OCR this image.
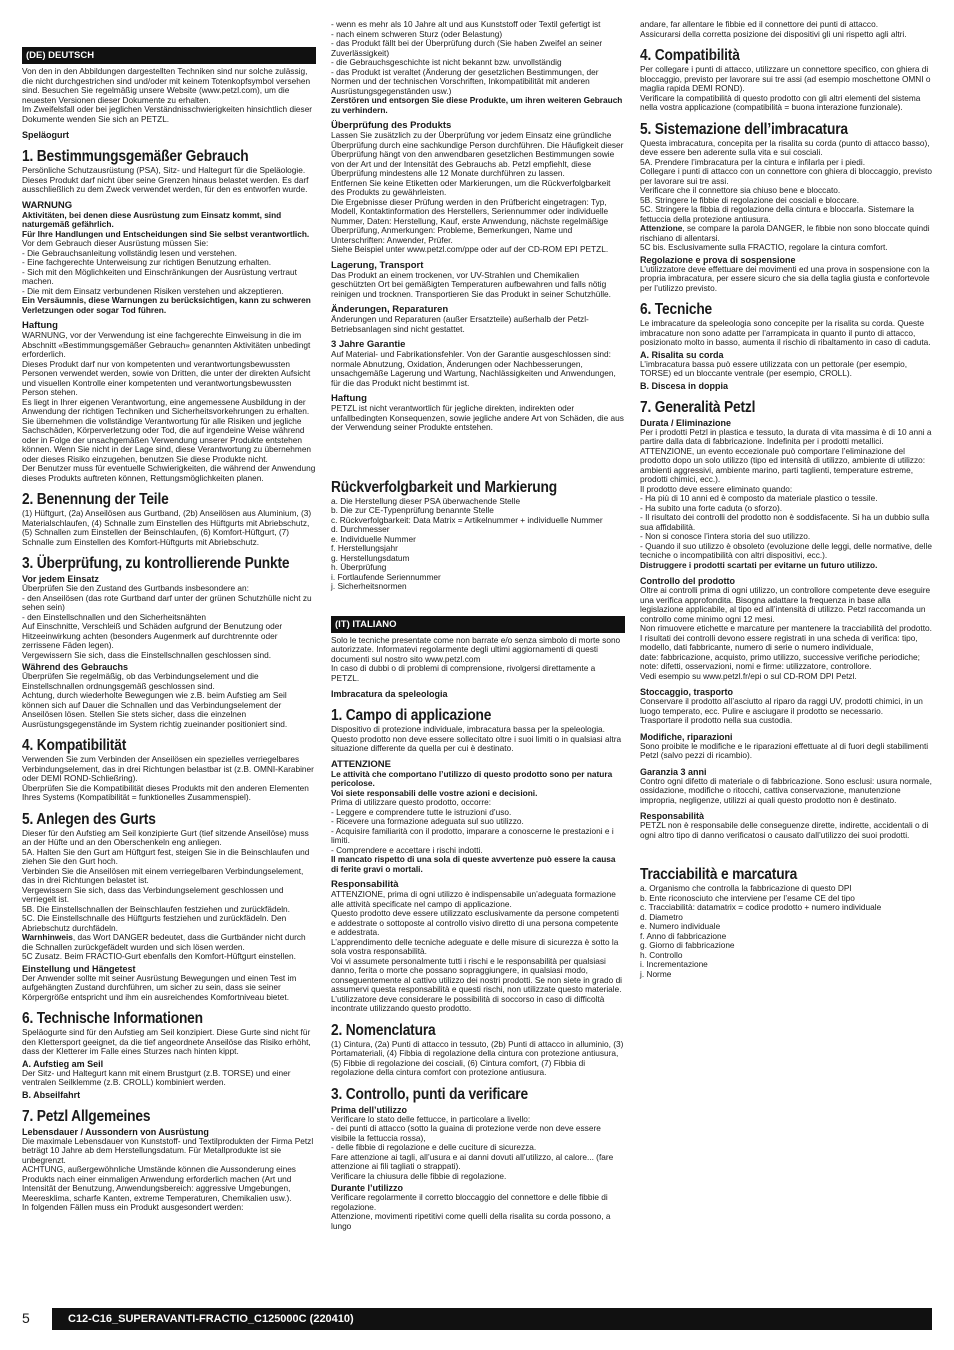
(DE) DEUTSCH

Von den in den Abbildungen dargestellten Techniken sind nur solche zulässig, die nicht durchgestrichen sind und/oder mit keinem Totenkopfsymbol versehen sind. Besuchen Sie regelmäßig unsere Website (www.petzl.com), um die neuesten Versionen dieser Dokumente zu erhalten.

Im Zweifelsfall oder bei jeglichen Verständnisschwierigkeiten hinsichtlich dieser Dokumente wenden Sie sich an PETZL.

Speläogurt
1. Bestimmungsgemäßer Gebrauch

Persönliche Schutzausrüstung (PSA), Sitz- und Haltegurt für die Speläologie. Dieses Produkt darf nicht über seine Grenzen hinaus belastet werden. Es darf ausschließlich zu dem Zweck verwendet werden, für den es entworfen wurde.

WARNUNG

Aktivitäten, bei denen diese Ausrüstung zum Einsatz kommt, sind naturgemäß gefährlich.

Für Ihre Handlungen und Entscheidungen sind Sie selbst verantwortlich.

Vor dem Gebrauch dieser Ausrüstung müssen Sie:
- Die Gebrauchsanleitung vollständig lesen und verstehen.
- Eine fachgerechte Unterweisung zur richtigen Benutzung erhalten.
- Sich mit den Möglichkeiten und Einschränkungen der Ausrüstung vertraut machen.
- Die mit dem Einsatz verbundenen Risiken verstehen und akzeptieren.

Ein Versäumnis, diese Warnungen zu berücksichtigen, kann zu schweren Verletzungen oder sogar Tod führen.

Haftung

WARNUNG, vor der Verwendung ist eine fachgerechte Einweisung in die im Abschnitt «Bestimmungsgemäßer Gebrauch» genannten Aktivitäten unbedingt erforderlich.
Dieses Produkt darf nur von kompetenten und verantwortungsbewussten Personen verwendet werden, sowie von Dritten, die unter der direkten Aufsicht und visuellen Kontrolle einer kompetenten und verantwortungsbewussten Person stehen.
Es liegt in Ihrer eigenen Verantwortung, eine angemessene Ausbildung in der Anwendung der richtigen Techniken und Sicherheitsvorkehrungen zu erhalten.
Sie übernehmen die vollständige Verantwortung für alle Risiken und jegliche Sachschäden, Körperverletzung oder Tod, die auf irgendeine Weise während oder in Folge der unsachgemäßen Verwendung unserer Produkte entstehen können. Wenn Sie nicht in der Lage sind, diese Verantwortung zu übernehmen oder dieses Risiko einzugehen, benutzen Sie diese Produkte nicht.
Der Benutzer muss für eventuelle Schwierigkeiten, die während der Anwendung dieses Produkts auftreten können, Rettungsmöglichkeiten planen.

2. Benennung der Teile

(1) Hüftgurt, (2a) Anseilösen aus Gurtband, (2b) Anseilösen aus Aluminium, (3) Materialschlaufen, (4) Schnalle zum Einstellen des Hüftgurts mit Abriebschutz, (5) Schnallen zum Einstellen der Beinschlaufen, (6) Komfort-Hüftgurt, (7) Schnalle zum Einstellen des Komfort-Hüftgurts mit Abriebschutz.

3. Überprüfung, zu kontrollierende Punkte
Vor jedem Einsatz

Überprüfen Sie den Zustand des Gurtbands insbesondere an:
- den Anseilösen (das rote Gurtband darf unter der grünen Schutzhülle nicht zu sehen sein)
- den Einstellschnallen und den Sicherheitsnähten
Auf Einschnitte, Verschleiß und Schäden aufgrund der Benutzung oder Hitzeeinwirkung achten (besonders Augenmerk auf durchtrennte oder zerrissene Fäden legen).
Vergewissern Sie sich, dass die Einstellschnallen geschlossen sind.

Während des Gebrauchs

Überprüfen Sie regelmäßig, ob das Verbindungselement und die Einstellschnallen ordnungsgemäß geschlossen sind.
Achtung, durch wiederholte Bewegungen wie z.B. beim Aufstieg am Seil können sich auf Dauer die Schnallen und das Verbindungselement der Anseilösen lösen. Stellen Sie stets sicher, dass die einzelnen Ausrüstungsgegenstände im System richtig zueinander positioniert sind.

4. Kompatibilität

Verwenden Sie zum Verbinden der Anseilösen ein spezielles verriegelbares Verbindungselement, das in drei Richtungen belastbar ist (z.B. OMNI-Karabiner oder DEMI ROND-Schließring).
Überprüfen Sie die Kompatibilität dieses Produkts mit den anderen Elementen Ihres Systems (Kompatibilität = funktionelles Zusammenspiel).

5. Anlegen des Gurts

Dieser für den Aufstieg am Seil konzipierte Gurt (tief sitzende Anseilöse) muss an der Hüfte und an den Oberschenkeln eng anliegen.
5A. Halten Sie den Gurt am Hüftgurt fest, steigen Sie in die Beinschlaufen und ziehen Sie den Gurt hoch.
Verbinden Sie die Anseilösen mit einem verriegelbaren Verbindungselement, das in drei Richtungen belastet ist.
Vergewissern Sie sich, dass das Verbindungselement geschlossen und verriegelt ist.
5B. Die Einstellschnallen der Beinschlaufen festziehen und zurückfädeln.
5C. Die Einstellschnalle des Hüftgurts festziehen und zurückfädeln. Den Abriebschutz durchfädeln.

Warnhinweis, das Wort DANGER bedeutet, dass die Gurtbänder nicht durch die Schnallen zurückgefädelt wurden und sich lösen werden.
5C Zusatz. Beim FRACTIO-Gurt ebenfalls den Komfort-Hüftgurt einstellen.

Einstellung und Hängetest

Der Anwender sollte mit seiner Ausrüstung Bewegungen und einen Test im aufgehängten Zustand durchführen, um sicher zu sein, dass sie seiner Körpergröße entspricht und ihm ein ausreichendes Komfortniveau bietet.

6. Technische Informationen

Speläogurte sind für den Aufstieg am Seil konzipiert. Diese Gurte sind nicht für den Klettersport geeignet, da die tief angeordnete Anseilöse das Risiko erhöht, dass der Kletterer im Falle eines Sturzes nach hinten kippt.

A. Aufstieg am Seil

Der Sitz- und Haltegurt kann mit einem Brustgurt (z.B. TORSE) und einer ventralen Seilklemme (z.B. CROLL) kombiniert werden.

B. Abseilfahrt
7. Petzl Allgemeines
Lebensdauer / Aussondern von Ausrüstung

Die maximale Lebensdauer von Kunststoff- und Textilprodukten der Firma Petzl beträgt 10 Jahre ab dem Herstellungsdatum. Für Metallprodukte ist sie unbegrenzt.
ACHTUNG, außergewöhnliche Umstände können die Aussonderung eines Produkts nach einer einmaligen Anwendung erforderlich machen (Art und Intensität der Benutzung, Anwendungsbereich: aggressive Umgebungen, Meeresklima, scharfe Kanten, extreme Temperaturen, Chemikalien usw.).
In folgenden Fällen muss ein Produkt ausgesondert werden:

- wenn es mehr als 10 Jahre alt und aus Kunststoff oder Textil gefertigt ist
- nach einem schweren Sturz (oder Belastung)
- das Produkt fällt bei der Überprüfung durch (Sie haben Zweifel an seiner Zuverlässigkeit)
- die Gebrauchsgeschichte ist nicht bekannt bzw. unvollständig
- das Produkt ist veraltet (Änderung der gesetzlichen Bestimmungen, der Normen und der technischen Vorschriften, Inkompatibilität mit anderen Ausrüstungsgegenständen usw.)

Zerstören und entsorgen Sie diese Produkte, um ihren weiteren Gebrauch zu verhindern.

Überprüfung des Produkts

Lassen Sie zusätzlich zu der Überprüfung vor jedem Einsatz eine gründliche Überprüfung durch eine sachkundige Person durchführen. Die Häufigkeit dieser Überprüfung hängt von den anwendbaren gesetzlichen Bestimmungen sowie von der Art und der Intensität des Gebrauchs ab. Petzl empfiehlt, diese Überprüfung mindestens alle 12 Monate durchführen zu lassen.
Entfernen Sie keine Etiketten oder Markierungen, um die Rückverfolgbarkeit des Produkts zu gewährleisten.
Die Ergebnisse dieser Prüfung werden in den Prüfbericht eingetragen: Typ, Modell, Kontaktinformation des Herstellers, Seriennummer oder individuelle Nummer, Daten: Herstellung, Kauf, erste Anwendung, nächste regelmäßige Überprüfung, Anmerkungen: Probleme, Bemerkungen, Name und Unterschriften: Anwender, Prüfer.
Siehe Beispiel unter www.petzl.com/ppe oder auf der CD-ROM EPI PETZL.

Lagerung, Transport

Das Produkt an einem trockenen, vor UV-Strahlen und Chemikalien geschützten Ort bei gemäßigten Temperaturen aufbewahren und falls nötig reinigen und trocknen. Transportieren Sie das Produkt in seiner Schutzhülle.

Änderungen, Reparaturen

Änderungen und Reparaturen (außer Ersatzteile) außerhalb der Petzl-Betriebsanlagen sind nicht gestattet.

3 Jahre Garantie

Auf Material- und Fabrikationsfehler. Von der Garantie ausgeschlossen sind: normale Abnutzung, Oxidation, Änderungen oder Nachbesserungen, unsachgemäße Lagerung und Wartung, Nachlässigkeiten und Anwendungen, für die das Produkt nicht bestimmt ist.

Haftung

PETZL ist nicht verantwortlich für jegliche direkten, indirekten oder unfallbedingten Konsequenzen, sowie jegliche andere Art von Schäden, die aus der Verwendung seiner Produkte entstehen.

Rückverfolgbarkeit und Markierung

a. Die Herstellung dieser PSA überwachende Stelle
b. Die zur CE-Typenprüfung benannte Stelle
c. Rückverfolgbarkeit: Data Matrix = Artikelnummer + individuelle Nummer
d. Durchmesser
e. Individuelle Nummer
f. Herstellungsjahr
g. Herstellungsdatum
h. Überprüfung
i. Fortlaufende Seriennummer
j. Sicherheitsnormen

(IT) ITALIANO

Solo le tecniche presentate come non barrate e/o senza simbolo di morte sono autorizzate. Informatevi regolarmente degli ultimi aggiornamenti di questi documenti sul nostro sito www.petzl.com
In caso di dubbi o di problemi di comprensione, rivolgersi direttamente a PETZL.

Imbracatura da speleologia
1. Campo di applicazione

Dispositivo di protezione individuale, imbracatura bassa per la speleologia. Questo prodotto non deve essere sollecitato oltre i suoi limiti o in qualsiasi altra situazione differente da quella per cui è destinato.

ATTENZIONE

Le attività che comportano l’utilizzo di questo prodotto sono per natura pericolose.

Voi siete responsabili delle vostre azioni e decisioni.

Prima di utilizzare questo prodotto, occorre:
- Leggere e comprendere tutte le istruzioni d’uso.
- Ricevere una formazione adeguata sul suo utilizzo.
- Acquisire familiarità con il prodotto, imparare a conoscerne le prestazioni e i limiti.
- Comprendere e accettare i rischi indotti.

Il mancato rispetto di una sola di queste avvertenze può essere la causa di ferite gravi o mortali.

Responsabilità

ATTENZIONE, prima di ogni utilizzo è indispensabile un’adeguata formazione alle attività specificate nel campo di applicazione.
Questo prodotto deve essere utilizzato esclusivamente da persone competenti e addestrate o sottoposte al controllo visivo diretto di una persona competente e addestrata.
L’apprendimento delle tecniche adeguate e delle misure di sicurezza è sotto la sola vostra responsabilità.
Voi vi assumete personalmente tutti i rischi e le responsabilità per qualsiasi danno, ferita o morte che possano sopraggiungere, in qualsiasi modo, conseguentemente al cattivo utilizzo dei nostri prodotti. Se non siete in grado di assumervi questa responsabilità e questi rischi, non utilizzate questo materiale.
L’utilizzatore deve considerare le possibilità di soccorso in caso di difficoltà incontrate utilizzando questo prodotto.

2. Nomenclatura

(1) Cintura, (2a) Punti di attacco in tessuto, (2b) Punti di attacco in alluminio, (3) Portamateriali, (4) Fibbia di regolazione della cintura con protezione antiusura, (5) Fibbie di regolazione dei cosciali, (6) Cintura comfort, (7) Fibbia di regolazione della cintura comfort con protezione antiusura.

3. Controllo, punti da verificare
Prima dell’utilizzo

Verificare lo stato delle fettucce, in particolare a livello:
- dei punti di attacco (sotto la guaina di protezione verde non deve essere visibile la fettuccia rossa),
- delle fibbie di regolazione e delle cuciture di sicurezza.
Fare attenzione ai tagli, all’usura e ai danni dovuti all’utilizzo, al calore... (fare attenzione ai fili tagliati o strappati).
Verificare la chiusura delle fibbie di regolazione.

Durante l’utilizzo

Verificare regolarmente il corretto bloccaggio del connettore e delle fibbie di regolazione.
Attenzione, movimenti ripetitivi come quelli della risalita su corda possono, a lungo

andare, far allentare le fibbie ed il connettore dei punti di attacco.
Assicurarsi della corretta posizione dei dispositivi gli uni rispetto agli altri.

4. Compatibilità

Per collegare i punti di attacco, utilizzare un connettore specifico, con ghiera di bloccaggio, previsto per lavorare sui tre assi (ad esempio moschettone OMNI o maglia rapida DEMI ROND).
Verificare la compatibilità di questo prodotto con gli altri elementi del sistema nella vostra applicazione (compatibilità = buona interazione funzionale).

5. Sistemazione dell’imbracatura

Questa imbracatura, concepita per la risalita su corda (punto di attacco basso), deve essere ben aderente sulla vita e sui cosciali.
5A. Prendere l’imbracatura per la cintura e infilarla per i piedi.
Collegare i punti di attacco con un connettore con ghiera di bloccaggio, previsto per lavorare sui tre assi.
Verificare che il connettore sia chiuso bene e bloccato.
5B. Stringere le fibbie di regolazione dei cosciali e bloccare.
5C. Stringere la fibbia di regolazione della cintura e bloccarla. Sistemare la fettuccia della protezione antiusura.

Attenzione, se compare la parola DANGER, le fibbie non sono bloccate quindi rischiano di allentarsi.
5C bis. Esclusivamente sulla FRACTIO, regolare la cintura comfort.

Regolazione e prova di sospensione

L’utilizzatore deve effettuare dei movimenti ed una prova in sospensione con la propria imbracatura, per essere sicuro che sia della taglia giusta e confortevole per l’utilizzo previsto.

6. Tecniche

Le imbracature da speleologia sono concepite per la risalita su corda. Queste imbracature non sono adatte per l’arrampicata in quanto il punto di attacco, posizionato molto in basso, aumenta il rischio di ribaltamento in caso di caduta.

A. Risalita su corda

L’imbracatura bassa può essere utilizzata con un pettorale (per esempio, TORSE) ed un bloccante ventrale (per esempio, CROLL).

B. Discesa in doppia
7. Generalità Petzl
Durata / Eliminazione

Per i prodotti Petzl in plastica e tessuto, la durata di vita massima è di 10 anni a partire dalla data di fabbricazione. Indefinita per i prodotti metallici.
ATTENZIONE, un evento eccezionale può comportare l’eliminazione del prodotto dopo un solo utilizzo (tipo ed intensità di utilizzo, ambiente di utilizzo: ambienti aggressivi, ambiente marino, parti taglienti, temperature estreme, prodotti chimici, ecc.).
Il prodotto deve essere eliminato quando:
- Ha più di 10 anni ed è composto da materiale plastico o tessile.
- Ha subito una forte caduta (o sforzo).
- Il risultato dei controlli del prodotto non è soddisfacente. Si ha un dubbio sulla sua affidabilità.
- Non si conosce l’intera storia del suo utilizzo.
- Quando il suo utilizzo è obsoleto (evoluzione delle leggi, delle normative, delle tecniche o incompatibilità con altri dispositivi, ecc.).

Distruggere i prodotti scartati per evitarne un futuro utilizzo.

Controllo del prodotto

Oltre ai controlli prima di ogni utilizzo, un controllore competente deve eseguire una verifica approfondita. Bisogna adattare la frequenza in base alla legislazione applicabile, al tipo ed all’intensità di utilizzo. Petzl raccomanda un controllo come minimo ogni 12 mesi.
Non rimuovere etichette e marcature per mantenere la tracciabilità del prodotto.
I risultati dei controlli devono essere registrati in una scheda di verifica: tipo, modello, dati fabbricante, numero di serie o numero individuale,
date: fabbricazione, acquisto, primo utilizzo, successive verifiche periodiche; note: difetti, osservazioni, nomi e firme: utilizzatore, controllore.
Vedi esempio su www.petzl.fr/epi o sul CD-ROM DPI Petzl.

Stoccaggio, trasporto

Conservare il prodotto all’asciutto al riparo da raggi UV, prodotti chimici, in un luogo temperato, ecc. Pulire e asciugare il prodotto se necessario.
Trasportare il prodotto nella sua custodia.

Modifiche, riparazioni

Sono proibite le modifiche e le riparazioni effettuate al di fuori degli stabilimenti Petzl (salvo pezzi di ricambio).

Garanzia 3 anni

Contro ogni difetto di materiale o di fabbricazione. Sono esclusi: usura normale, ossidazione, modifiche o ritocchi, cattiva conservazione, manutenzione impropria, negligenze, utilizzi ai quali questo prodotto non è destinato.

Responsabilità

PETZL non è responsabile delle conseguenze dirette, indirette, accidentali o di ogni altro tipo di danno verificatosi o causato dall’utilizzo dei suoi prodotti.

Tracciabilità e marcatura

a. Organismo che controlla la fabbricazione di questo DPI
b. Ente riconosciuto che interviene per l’esame CE del tipo
c. Tracciabilità: datamatrix = codice prodotto + numero individuale
d. Diametro
e. Numero individuale
f. Anno di fabbricazione
g. Giorno di fabbricazione
h. Controllo
i. Incrementazione
j. Norme

5	C12-C16_SUPERAVANTI-FRACTIO_C125000C (220410)
